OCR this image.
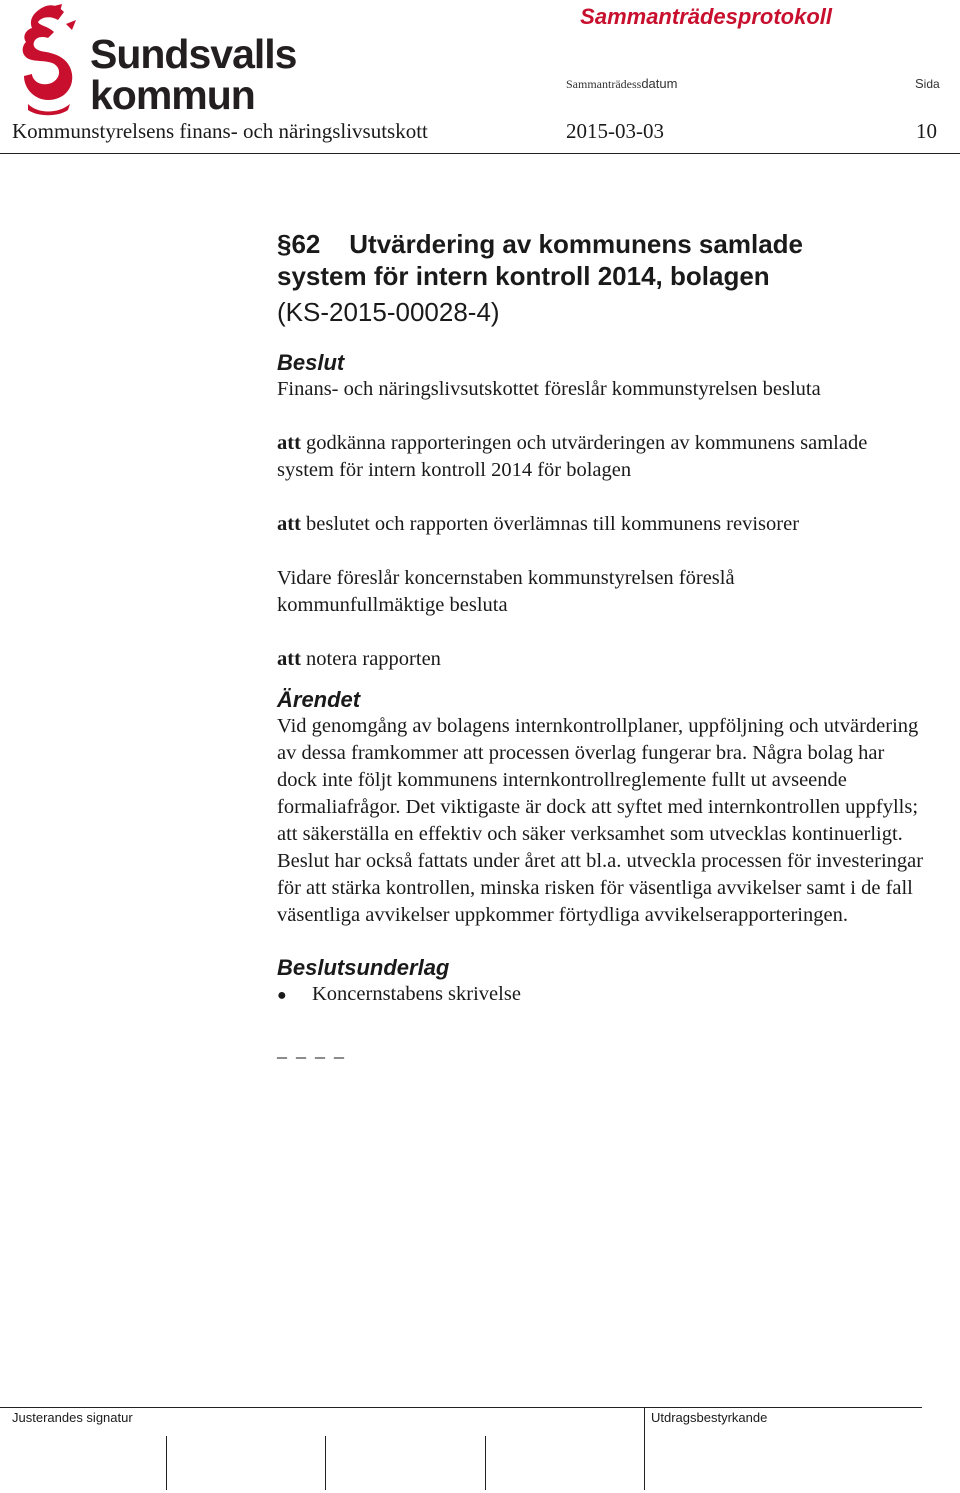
Sundsvalls
kommun
Sammanträdesprotokoll
Sammanträdessdatum	Sida
Kommunstyrelsens finans- och näringslivsutskott	2015-03-03	10
§62    Utvärdering av kommunens samlade
system för intern kontroll 2014, bolagen
(KS-2015-00028-4)
Beslut

Finans- och näringslivsutskottet föreslår kommunstyrelsen besluta

att godkänna rapporteringen och utvärderingen av kommunens samlade system för intern kontroll 2014 för bolagen

att beslutet och rapporten överlämnas till kommunens revisorer

Vidare föreslår koncernstaben kommunstyrelsen föreslå kommunfullmäktige besluta

att notera rapporten

Ärendet

Vid genomgång av bolagens internkontrollplaner, uppföljning och utvärdering av dessa framkommer att processen överlag fungerar bra. Några bolag har dock inte följt kommunens internkontrollreglemente fullt ut avseende formaliafrågor. Det viktigaste är dock att syftet med internkontrollen uppfylls; att säkerställa en effektiv och säker verksamhet som utvecklas kontinuerligt. Beslut har också fattats under året att bl.a. utveckla processen för investeringar för att stärka kontrollen, minska risken för väsentliga avvikelser samt i de fall väsentliga avvikelser uppkommer förtydliga avvikelserapporteringen.

Beslutsunderlag
●	Koncernstabens skrivelse
_ _ _ _
Justerandes signatur	Utdragsbestyrkande
